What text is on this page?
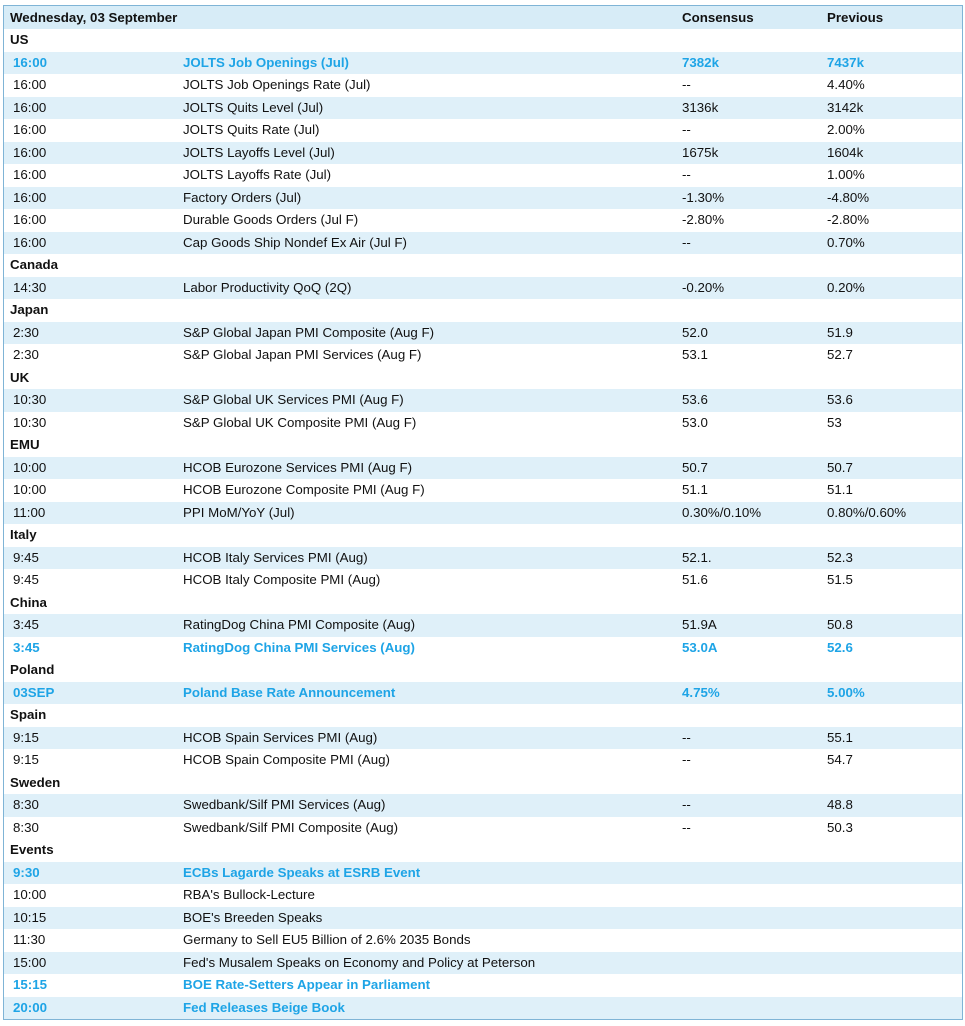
Wednesday, 03 September	Consensus	Previous
US
16:00	JOLTS Job Openings (Jul)	7382k	7437k
16:00	JOLTS Job Openings Rate (Jul)	--	4.40%
16:00	JOLTS Quits Level (Jul)	3136k	3142k
16:00	JOLTS Quits Rate (Jul)	--	2.00%
16:00	JOLTS Layoffs Level (Jul)	1675k	1604k
16:00	JOLTS Layoffs Rate (Jul)	--	1.00%
16:00	Factory Orders (Jul)	-1.30%	-4.80%
16:00	Durable Goods Orders (Jul F)	-2.80%	-2.80%
16:00	Cap Goods Ship Nondef Ex Air (Jul F)	--	0.70%
Canada
14:30	Labor Productivity QoQ (2Q)	-0.20%	0.20%
Japan
2:30	S&P Global Japan PMI Composite (Aug F)	52.0	51.9
2:30	S&P Global Japan PMI Services (Aug F)	53.1	52.7
UK
10:30	S&P Global UK Services PMI (Aug F)	53.6	53.6
10:30	S&P Global UK Composite PMI (Aug F)	53.0	53
EMU
10:00	HCOB Eurozone Services PMI (Aug F)	50.7	50.7
10:00	HCOB Eurozone Composite PMI (Aug F)	51.1	51.1
11:00	PPI MoM/YoY (Jul)	0.30%/0.10%	0.80%/0.60%
Italy
9:45	HCOB Italy Services PMI (Aug)	52.1.	52.3
9:45	HCOB Italy Composite PMI (Aug)	51.6	51.5
China
3:45	RatingDog China PMI Composite (Aug)	51.9A	50.8
3:45	RatingDog China PMI Services (Aug)	53.0A	52.6
Poland
03SEP	Poland Base Rate Announcement	4.75%	5.00%
Spain
9:15	HCOB Spain Services PMI (Aug)	--	55.1
9:15	HCOB Spain Composite PMI (Aug)	--	54.7
Sweden
8:30	Swedbank/Silf PMI Services (Aug)	--	48.8
8:30	Swedbank/Silf PMI Composite (Aug)	--	50.3
Events
9:30	ECBs Lagarde Speaks at ESRB Event
10:00	RBA's Bullock-Lecture
10:15	BOE's Breeden Speaks
11:30	Germany to Sell EU5 Billion of 2.6% 2035 Bonds
15:00	Fed's Musalem Speaks on Economy and Policy at Peterson
15:15	BOE Rate-Setters Appear in Parliament
20:00	Fed Releases Beige Book
